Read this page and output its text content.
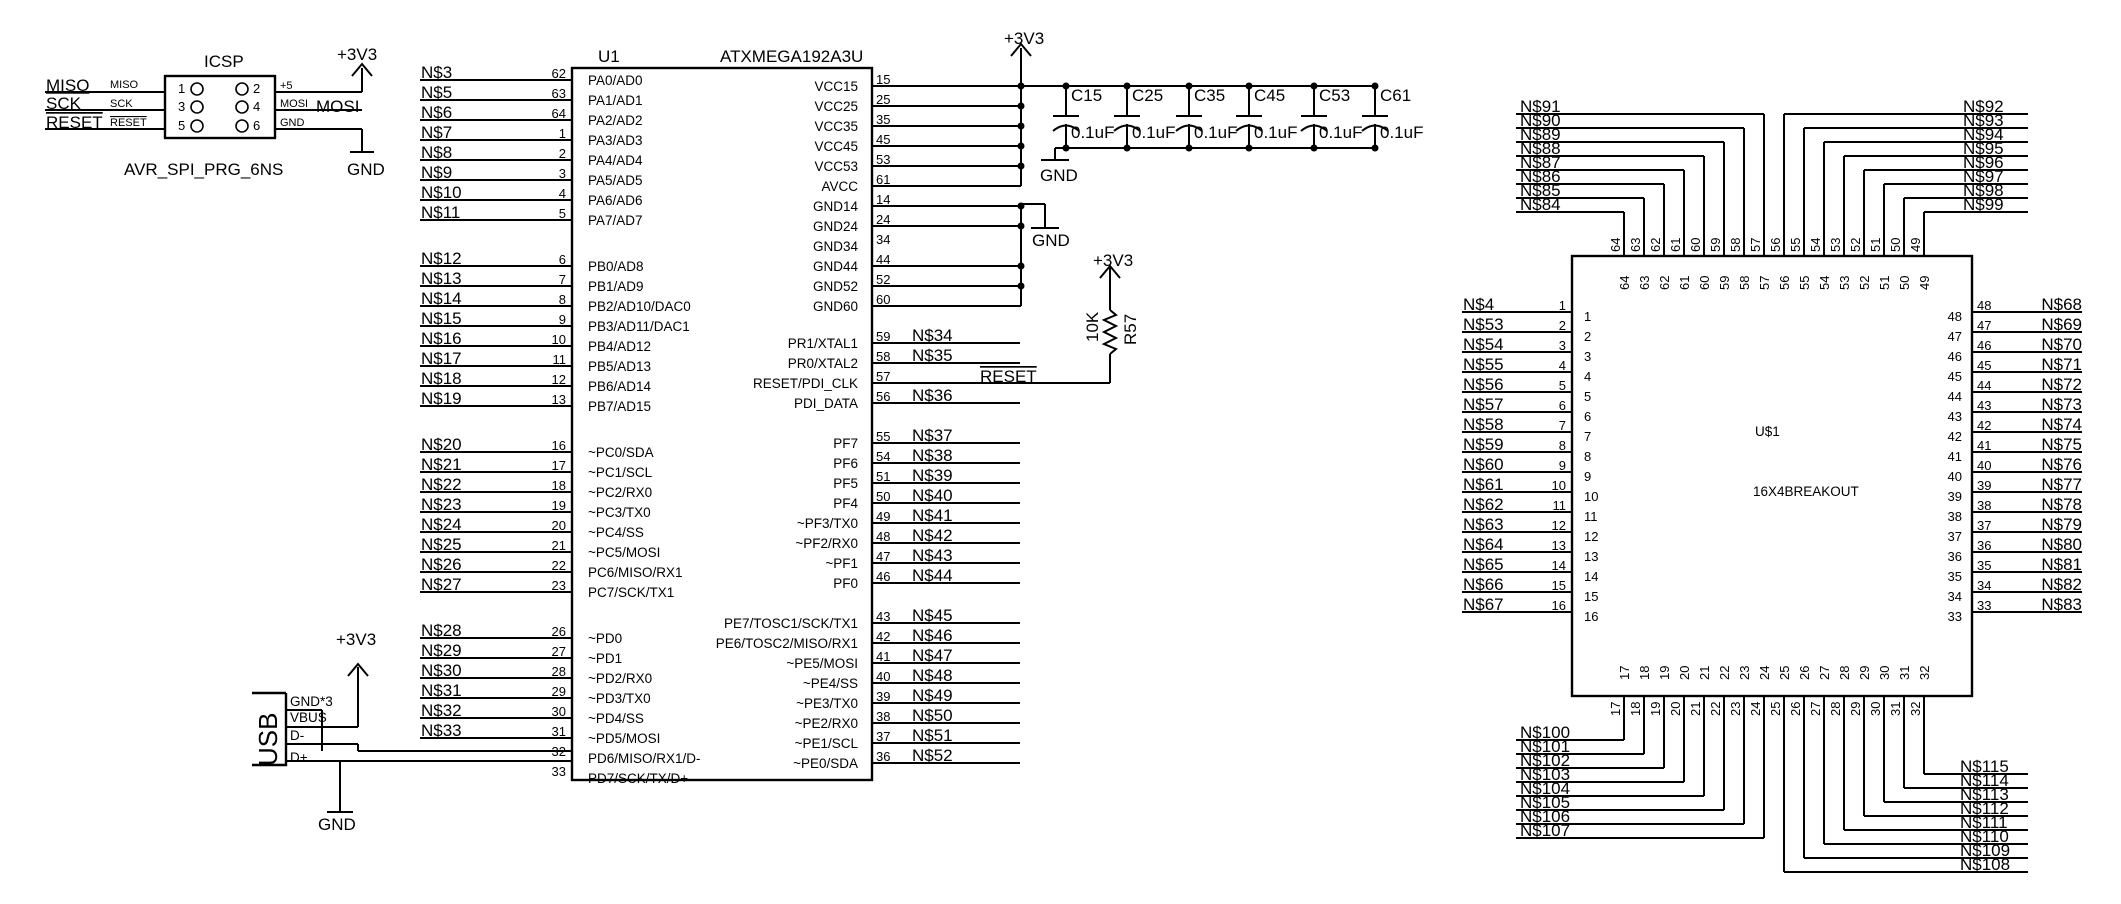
ICSP	+3V3
GND
MISO
SCK
RESET
MISO
SCK
RESET
1
3
5
2
4
6
+5
MOSI
GND
MOSI
AVR_SPI_PRG_6NS
U1	ATXMEGA192A3U
N$3	62 PA0/AD0
N$5	63 PA1/AD1
N$6	64 PA2/AD2
N$7	1 PA3/AD3
N$8	2 PA4/AD4
N$9	3 PA5/AD5
N$10	4 PA6/AD6
N$11	5 PA7/AD7
N$12	6 PB0/AD8
N$13	7 PB1/AD9
N$14	8 PB2/AD10/DAC0
N$15	9 PB3/AD11/DAC1
N$16	10 PB4/AD12
N$17	11 PB5/AD13
N$18	12 PB6/AD14
N$19	13 PB7/AD15
N$20	16 ~PC0/SDA
N$21	17 ~PC1/SCL
N$22	18 ~PC2/RX0
N$23	19 ~PC3/TX0
N$24	20 ~PC4/SS
N$25	21 ~PC5/MOSI
N$26	22 PC6/MISO/RX1
N$27	23 PC7/SCK/TX1
N$28	26 ~PD0
N$29	27 ~PD1
N$30	28 ~PD2/RX0
N$31	29 ~PD3/TX0
N$32	30 ~PD4/SS
N$33	31 ~PD5/MOSI
32 PD6/MISO/RX1/D-
33 PD7/SCK/TX/D+
VCC15 15
VCC25 25
VCC35 35
VCC45 45
VCC53 53
AVCC 61
GND14 14
GND24 24
GND34 34
GND44 44
GND52 52
GND60 60
PR1/XTAL1 59 N$34
PR0/XTAL2 58 N$35
RESET/PDI_CLK 57	RESET
PDI_DATA 56 N$36
PF7 55 N$37
PF6 54 N$38
PF5 51 N$39
PF4 50 N$40
~PF3/TX0 49 N$41
~PF2/RX0 48 N$42
~PF1 47 N$43
PF0 46 N$44
PE7/TOSC1/SCK/TX1 43 N$45
PE6/TOSC2/MISO/RX1 42 N$46
~PE5/MOSI 41 N$47
~PE4/SS 40 N$48
~PE3/TX0 39 N$49
~PE2/RX0 38 N$50
~PE1/SCL 37 N$51
~PE0/SDA 36 N$52
+3V3
GND
GND
C15
0.1uF
C25
0.1uF
C35
0.1uF
C45
0.1uF
C53
0.1uF
C61
0.1uF
+3V3
10K R57
USB
GND*3
VBUS
D-
D+
+3V3
GND
U$1
16X4BREAKOUT
N$4	1
1
N$53	2
2
N$54	3
3
N$55	4
4
N$56	5
5
N$57	6
6
N$58	7
7
N$59	8
8
N$60	9
9
N$61	10
10
N$62	11
11
N$63	12
12
N$64	13
13
N$65	14
14
N$66	15
15
N$67	16
16
48	N$68
48
47	N$69
47
46	N$70
46
45	N$71
45
44	N$72
44
43	N$73
43
42	N$74
42
41	N$75
41
40	N$76
40
39	N$77
39
38	N$78
38
37	N$79
37
36	N$80
36
35	N$81
35
34	N$82
34
33	N$83
33
N$84
64
64
N$85
63
63
N$86
62
62
N$87
61
61
N$88
60
60
N$89
59
59
N$90
58
58
N$91
57
57
N$92
56
56
N$93
55
55
N$94
54
54
N$95
53
53
N$96
52
52
N$97
51
51
N$98
50
50
N$99
49
49
N$100
17
17
N$101
18
18
N$102
19
19
N$103
20
20
N$104
21
21
N$105
22
22
N$106
23
23
N$107
24
24
N$108
25
25
N$109
26
26
N$110
27
27
N$111
28
28
N$112
29
29
N$113
30
30
N$114
31
31
N$115
32
32
